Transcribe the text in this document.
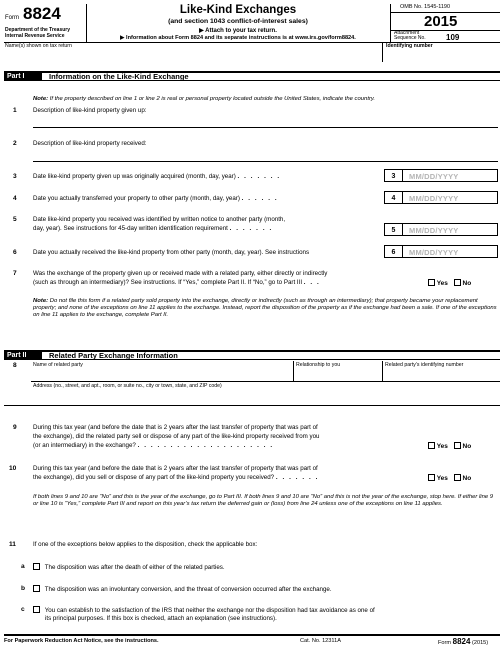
Form 8824
Department of the Treasury
Internal Revenue Service
Like-Kind Exchanges
(and section 1043 conflict-of-interest sales)
▶ Attach to your tax return.
▶ Information about Form 8824 and its separate instructions is at www.irs.gov/form8824.
OMB No. 1545-1190
2015
Attachment
Sequence No.	109
Name(s) shown on tax return	Identifying number
Part I	Information on the Like-Kind Exchange
Note: If the property described on line 1 or line 2 is real or personal property located outside the United States, indicate the country.
1	Description of like-kind property given up:
2	Description of like-kind property received:
3	Date like-kind property given up was originally acquired (month, day, year) . . . . . . .	3	MM/DD/YYYY
4	Date you actually transferred your property to other party (month, day, year) . . . . . .	4	MM/DD/YYYY
5	Date like-kind property you received was identified by written notice to another party (month,
day, year). See instructions for 45-day written identification requirement . . . . . . .	5	MM/DD/YYYY
6	Date you actually received the like-kind property from other party (month, day, year). See instructions	6	MM/DD/YYYY
7	Was the exchange of the property given up or received made with a related party, either directly or indirectly
(such as through an intermediary)? See instructions. If “Yes,” complete Part II. If “No,” go to Part III . . .	Yes No
Note: Do not file this form if a related party sold property into the exchange, directly or indirectly (such as through an intermediary); that property became your replacement property; and none of the exceptions on line 11 applies to the exchange. Instead, report the disposition of the property as if the exchange had been a sale. If one of the exceptions on line 11 applies to the exchange, complete Part II.
Part II	Related Party Exchange Information
8	Name of related party	Relationship to you	Related party’s identifying number
Address (no., street, and apt., room, or suite no., city or town, state, and ZIP code)
9	During this tax year (and before the date that is 2 years after the last transfer of property that was part of
the exchange), did the related party sell or dispose of any part of the like-kind property received from you
(or an intermediary) in the exchange? . . . . . . . . . . . . . . . . . . . . .	Yes No
10	During this tax year (and before the date that is 2 years after the last transfer of property that was part of
the exchange), did you sell or dispose of any part of the like-kind property you received? . . . . . . .	Yes No
If both lines 9 and 10 are “No” and this is the year of the exchange, go to Part III. If both lines 9 and 10 are “No” and this is not the year of the exchange, stop here. If either line 9 or line 10 is “Yes,” complete Part III and report on this year’s tax return the deferred gain or (loss) from line 24 unless one of the exceptions on line 11 applies.
11	If one of the exceptions below applies to the disposition, check the applicable box:
a	The disposition was after the death of either of the related parties.
b	The disposition was an involuntary conversion, and the threat of conversion occurred after the exchange.
c	You can establish to the satisfaction of the IRS that neither the exchange nor the disposition had tax avoidance as one of
its principal purposes. If this box is checked, attach an explanation (see instructions).
For Paperwork Reduction Act Notice, see the instructions.	Cat. No. 12311A	Form 8824 (2015)
